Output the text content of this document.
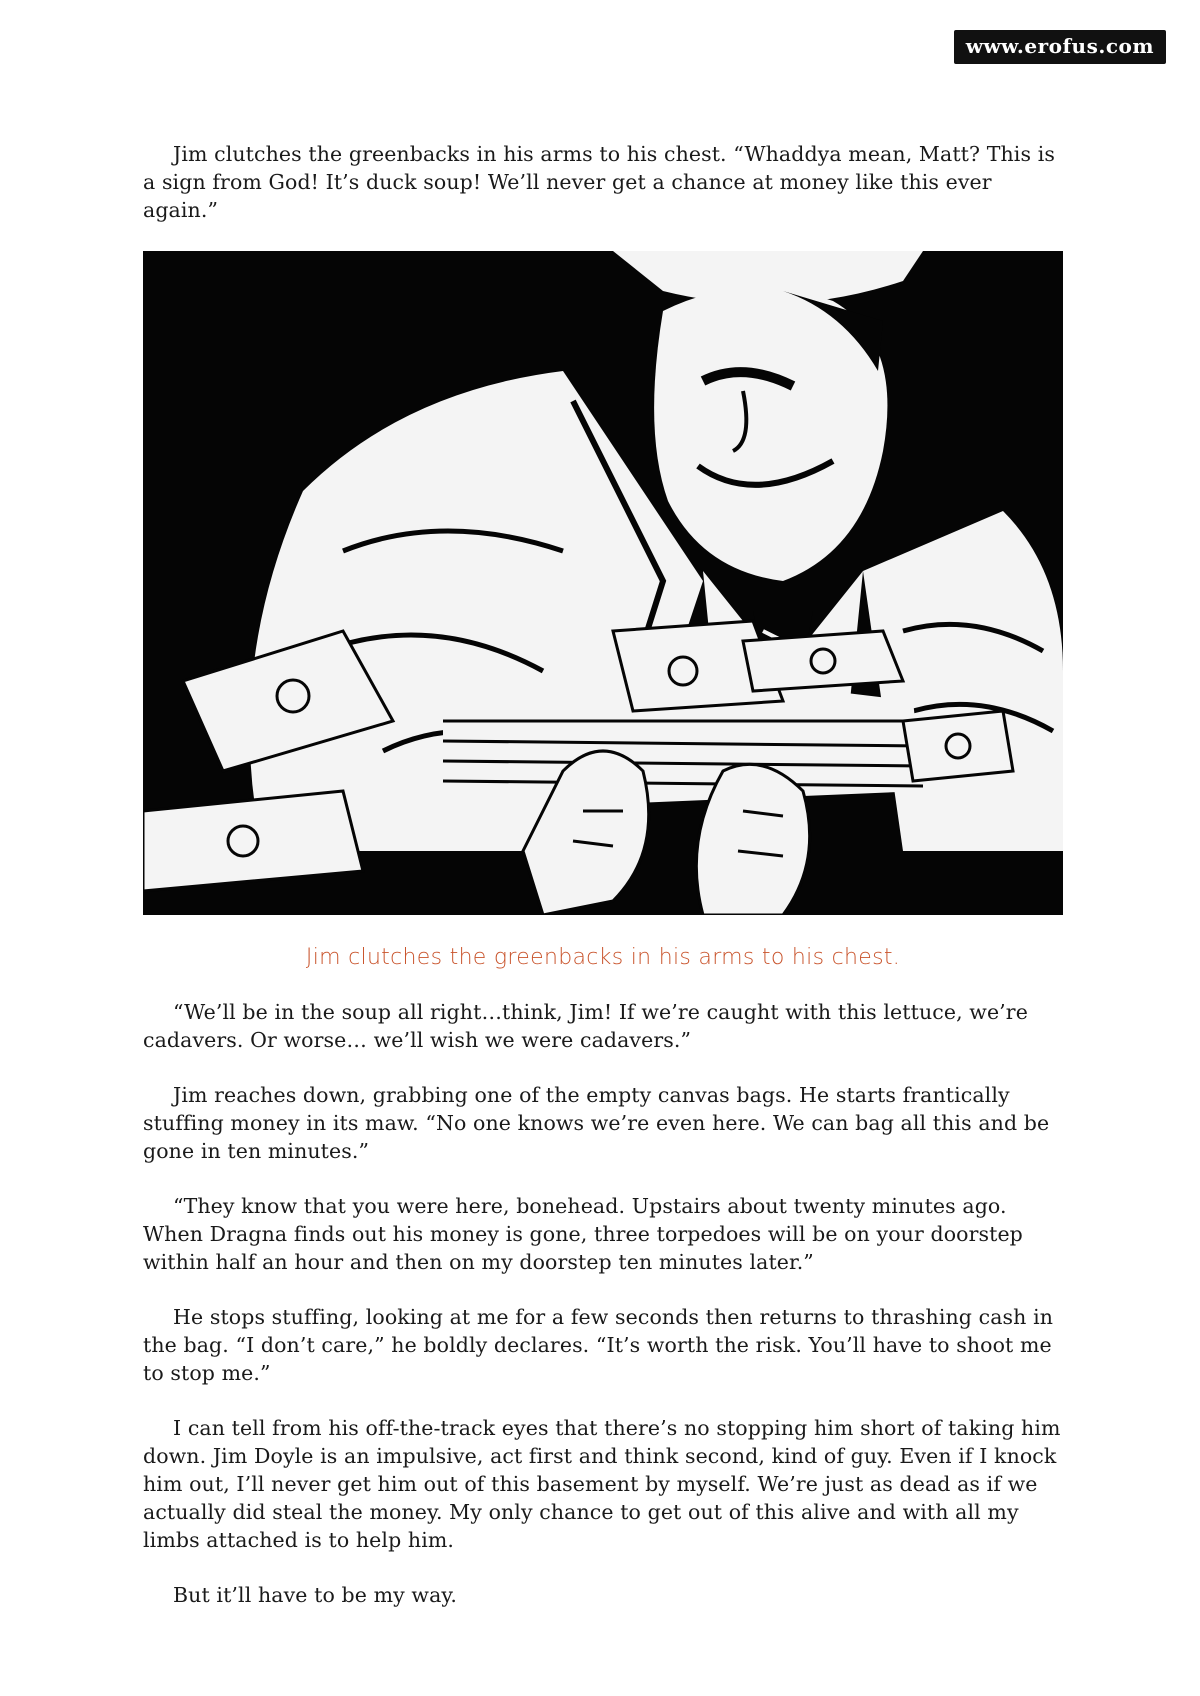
www.erofus.com

Jim clutches the greenbacks in his arms to his chest. “Whaddya mean, Matt? This is a sign from God! It’s duck soup! We’ll never get a chance at money like this ever again.”

Jim clutches the greenbacks in his arms to his chest.

“We’ll be in the soup all right…think, Jim! If we’re caught with this lettuce, we’re cadavers. Or worse… we’ll wish we were cadavers.”

Jim reaches down, grabbing one of the empty canvas bags. He starts frantically stuffing money in its maw. “No one knows we’re even here. We can bag all this and be gone in ten minutes.”

“They know that you were here, bonehead. Upstairs about twenty minutes ago. When Dragna finds out his money is gone, three torpedoes will be on your doorstep within half an hour and then on my doorstep ten minutes later.”

He stops stuffing, looking at me for a few seconds then returns to thrashing cash in the bag. “I don’t care,” he boldly declares. “It’s worth the risk. You’ll have to shoot me to stop me.”

I can tell from his off-the-track eyes that there’s no stopping him short of taking him down. Jim Doyle is an impulsive, act first and think second, kind of guy. Even if I knock him out, I’ll never get him out of this basement by myself. We’re just as dead as if we actually did steal the money. My only chance to get out of this alive and with all my limbs attached is to help him.

But it’ll have to be my way.
